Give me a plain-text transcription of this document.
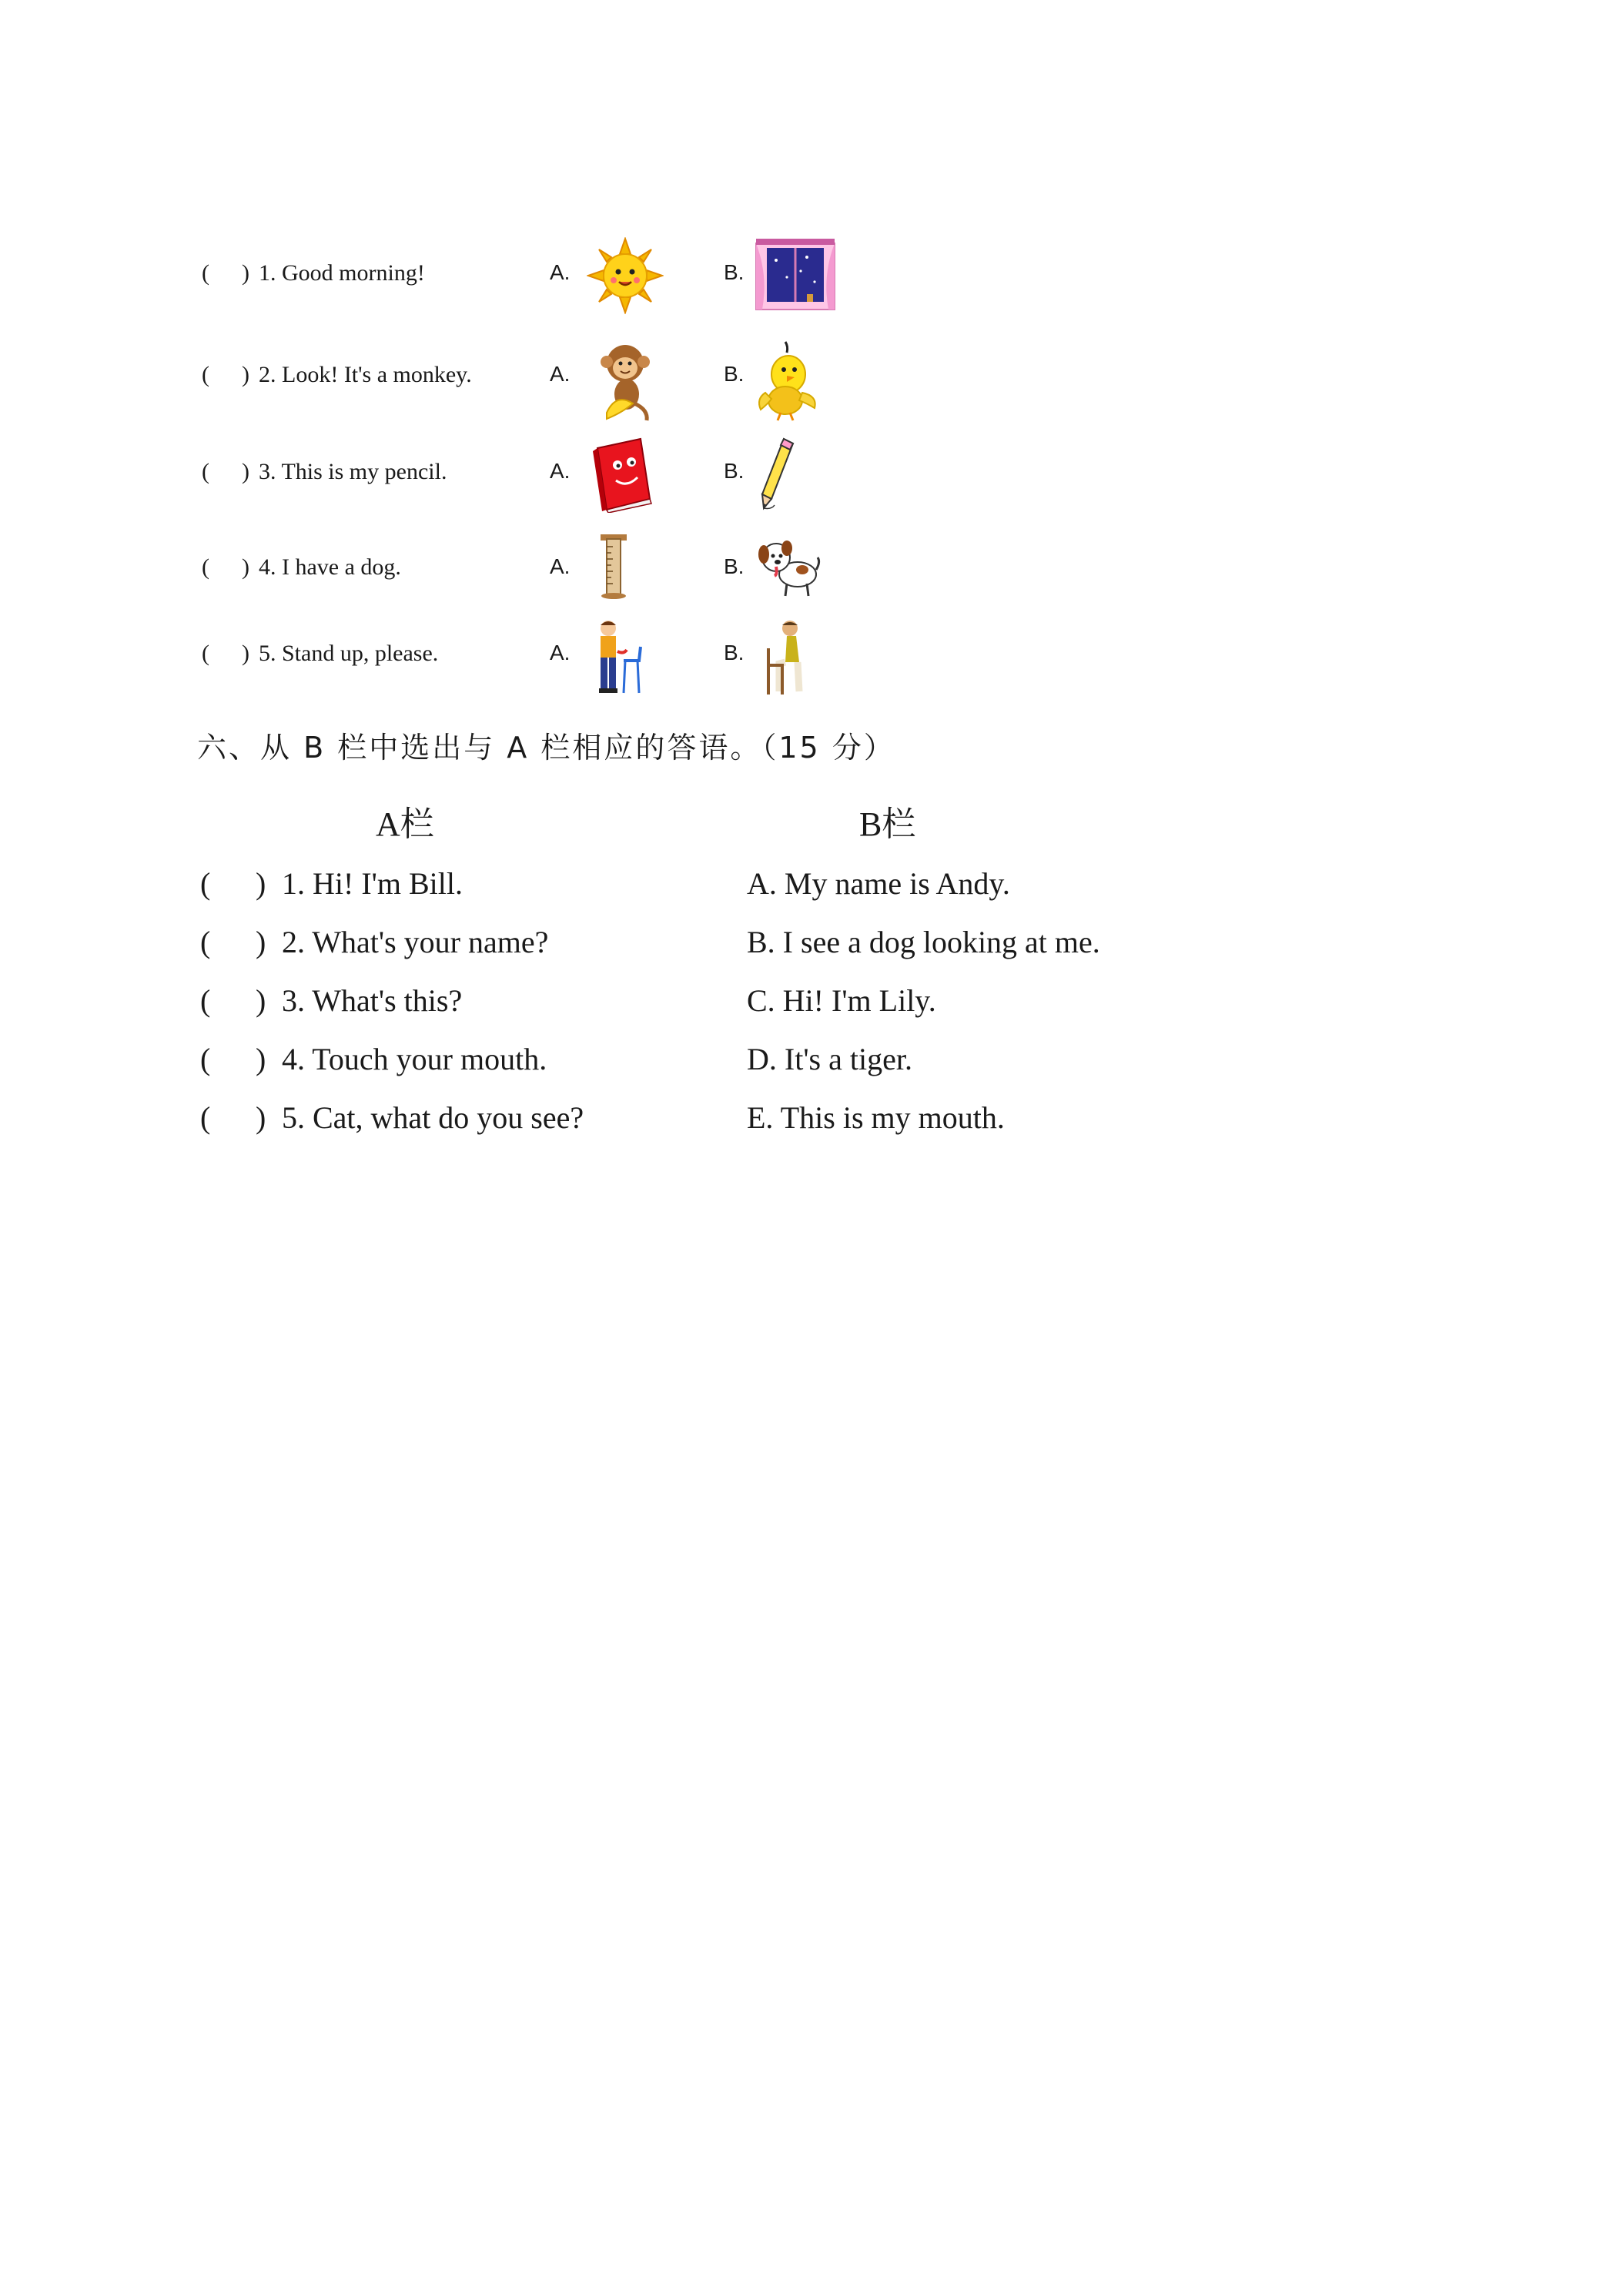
( ) 1. Good morning!	A.	B.
( ) 2. Look! It's a monkey.	A.	B.
( ) 3. This is my pencil.	A.	B.
( ) 4. I have a dog.	A.	B.
( ) 5. Stand up, please.	A.	B.
六、从 B 栏中选出与 A 栏相应的答语。（15 分）
A栏	B栏
( ) 1. Hi! I'm Bill.	A. My name is Andy.
( ) 2. What's your name?	B. I see a dog looking at me.
( ) 3. What's this?	C. Hi! I'm Lily.
( ) 4. Touch your mouth.	D. It's a tiger.
( ) 5. Cat, what do you see?	E. This is my mouth.
